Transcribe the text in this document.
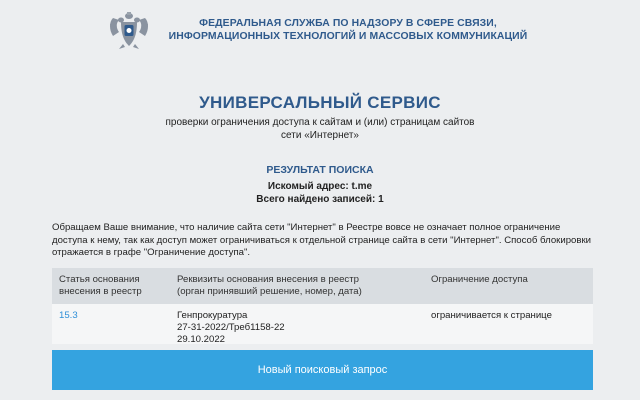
ФЕДЕРАЛЬНАЯ СЛУЖБА ПО НАДЗОРУ В СФЕРЕ СВЯЗИ,
ИНФОРМАЦИОННЫХ ТЕХНОЛОГИЙ И МАССОВЫХ КОММУНИКАЦИЙ
УНИВЕРСАЛЬНЫЙ СЕРВИС
проверки ограничения доступа к сайтам и (или) страницам сайтов
сети «Интернет»
РЕЗУЛЬТАТ ПОИСКА
Искомый адрес: t.me
Всего найдено записей: 1
Обращаем Ваше внимание, что наличие сайта сети "Интернет" в Реестре вовсе не означает полное ограничение доступа к нему, так как доступ может ограничиваться к отдельной странице сайта в сети "Интернет". Способ блокировки отражается в графе "Ограничение доступа".
Статья основания
внесения в реестр
Реквизиты основания внесения в реестр
(орган принявший решение, номер, дата)
Ограничение доступа
15.3	Генпрокуратура
27-31-2022/Треб1158-22
29.10.2022
ограничивается к странице
Новый поисковый запрос
